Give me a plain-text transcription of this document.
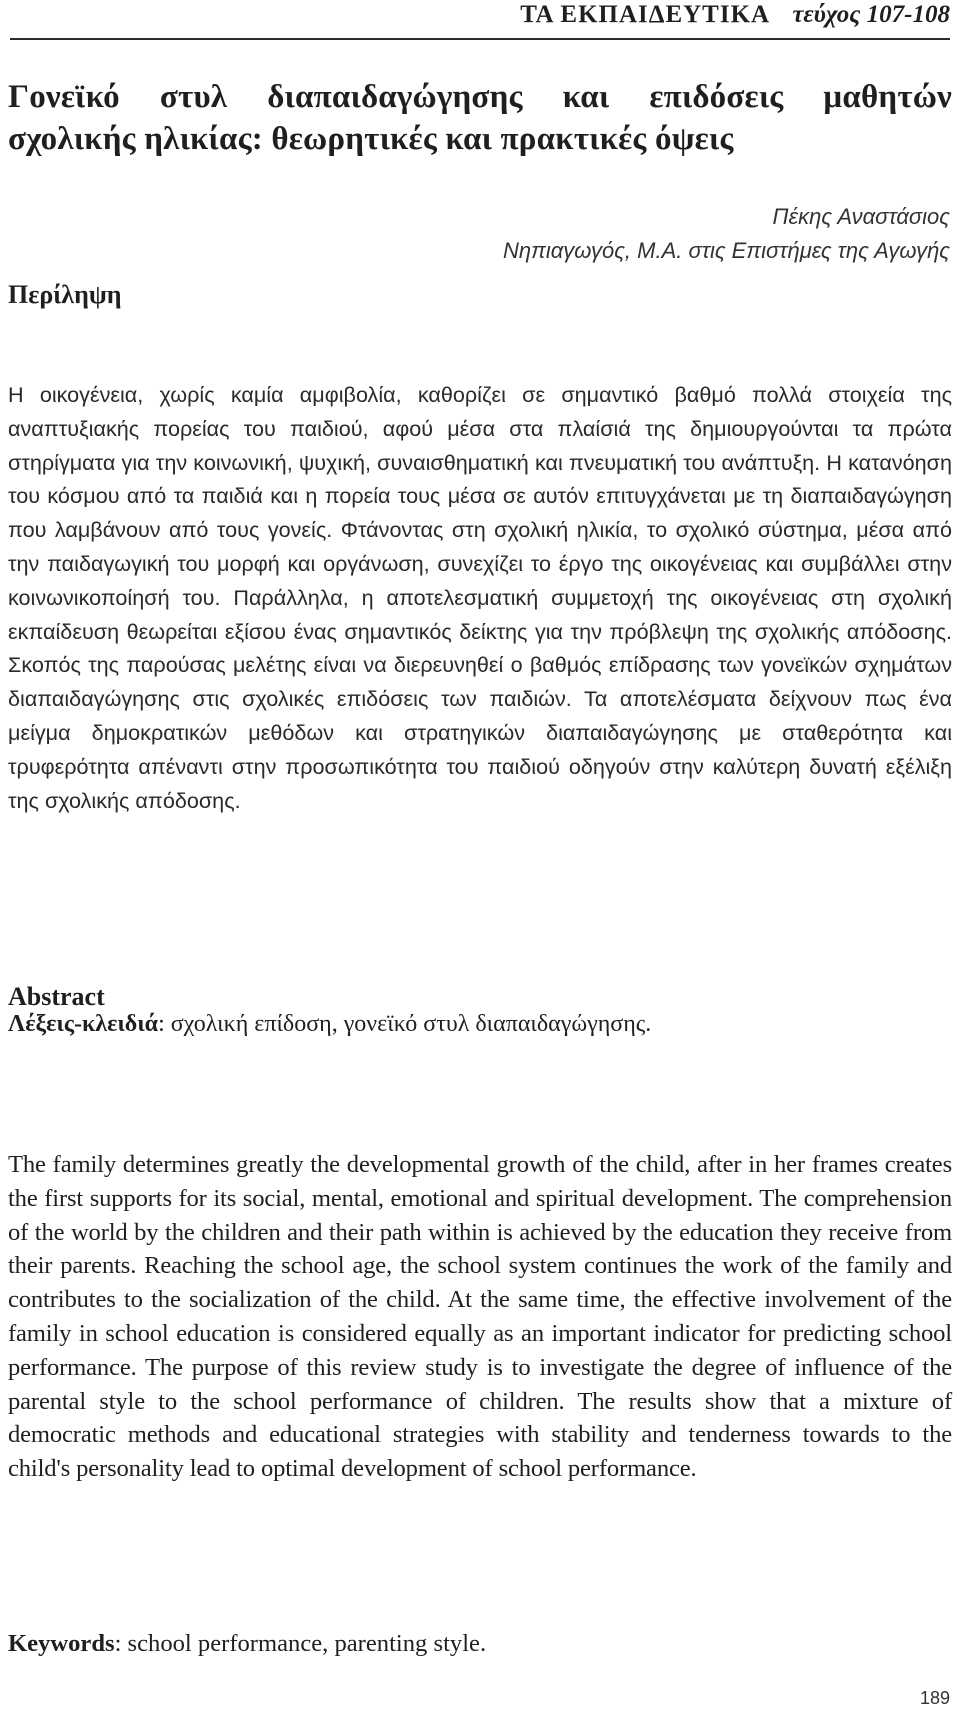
ΤΑ ΕΚΠΑΙΔΕΥΤΙΚΑ τεύχος 107-108
Γονεϊκό στυλ διαπαιδαγώγησης και επιδόσεις μαθητών
σχολικής ηλικίας: θεωρητικές και πρακτικές όψεις
Πέκης Αναστάσιος
Νηπιαγωγός, Μ.Α. στις Επιστήμες της Αγωγής
Περίληψη

Η οικογένεια, χωρίς καμία αμφιβολία, καθορίζει σε σημαντικό βαθμό πολλά στοιχεία της αναπτυξιακής πορείας του παιδιού, αφού μέσα στα πλαίσιά της δημιουργούνται τα πρώτα στηρίγματα για την κοινωνική, ψυχική, συναισθηματική και πνευματική του ανάπτυξη. Η κατανόηση του κόσμου από τα παιδιά και η πορεία τους μέσα σε αυτόν επιτυγχάνεται με τη διαπαιδαγώγηση που λαμβάνουν από τους γονείς. Φτάνοντας στη σχολική ηλικία, το σχολικό σύστημα, μέσα από την παιδαγωγική του μορφή και οργάνωση, συνεχίζει το έργο της οικογένειας και συμβάλλει στην κοινωνικοποίησή του. Παράλληλα, η αποτελεσματική συμμετοχή της οικογένειας στη σχολική εκπαίδευση θεωρείται εξίσου ένας σημαντικός δείκτης για την πρόβλεψη της σχολικής απόδοσης. Σκοπός της παρούσας μελέτης είναι να διερευνηθεί ο βαθμός επίδρασης των γονεϊκών σχημάτων διαπαιδαγώγησης στις σχολικές επιδόσεις των παιδιών. Τα αποτελέσματα δείχνουν πως ένα μείγμα δημοκρατικών μεθόδων και στρατηγικών διαπαιδαγώγησης με σταθερότητα και τρυφερότητα απέναντι στην προσωπικότητα του παιδιού οδηγούν στην καλύτερη δυνατή εξέλιξη της σχολικής απόδοσης.

Λέξεις-κλειδιά: σχολική επίδοση, γονεϊκό στυλ διαπαιδαγώγησης.
Abstract

The family determines greatly the developmental growth of the child, after in her frames creates the first supports for its social, mental, emotional and spiritual development. The comprehension of the world by the children and their path within is achieved by the education they receive from their parents. Reaching the school age, the school system continues the work of the family and contributes to the socialization of the child. At the same time, the effective involvement of the family in school education is considered equally as an important indicator for predicting school performance. The purpose of this review study is to investigate the degree of influence of the parental style to the school performance of children. The results show that a mixture of democratic methods and educational strategies with stability and tenderness towards to the child's personality lead to optimal development of school performance.

Keywords: school performance, parenting style.
189
